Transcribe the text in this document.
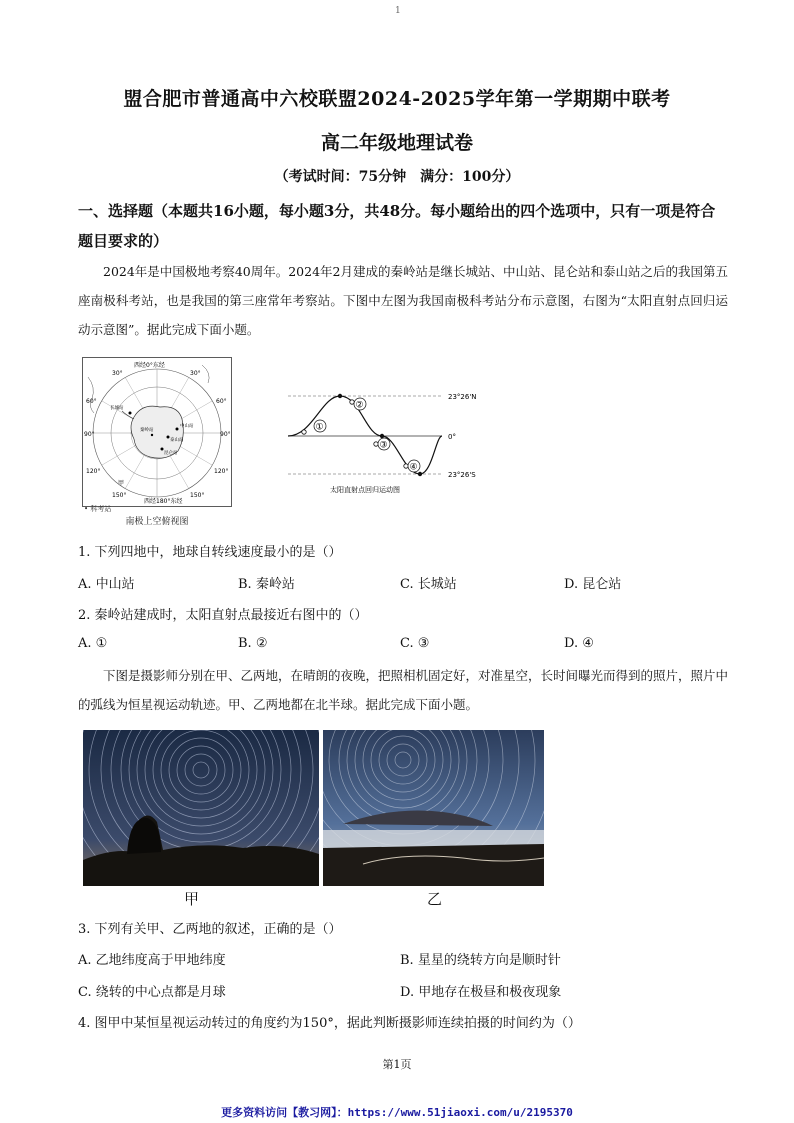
1
盟合肥市普通高中六校联盟2024-2025学年第一学期期中联考
高二年级地理试卷
（考试时间：75分钟　满分：100分）
一、选择题（本题共16小题，每小题3分，共48分。每小题给出的四个选项中，只有一项是符合题目要求的）
2024年是中国极地考察40周年。2024年2月建成的秦岭站是继长城站、中山站、昆仑站和泰山站之后的我国第五座南极科考站，也是我国的第三座常年考察站。下图中左图为我国南极科考站分布示意图，右图为“太阳直射点回归运动示意图”。据此完成下面小题。
西经0°东经
西经180°东经
30°	30°
60°	60°
90°	90°
120°	120°
150°	150°
甲
长城站
中山站
泰山站
昆仑站
秦岭站
• 科考站
南极上空俯视图
①
②
③
④
23°26'N
0°
23°26'S
太阳直射点回归运动图
1. 下列四地中，地球自转线速度最小的是（）
A. 中山站	B. 秦岭站	C. 长城站	D. 昆仑站
2. 秦岭站建成时，太阳直射点最接近右图中的（）
A. ①	B. ②	C. ③	D. ④
下图是摄影师分别在甲、乙两地，在晴朗的夜晚，把照相机固定好，对准星空，长时间曝光而得到的照片，照片中的弧线为恒星视运动轨迹。甲、乙两地都在北半球。据此完成下面小题。
甲	乙
3. 下列有关甲、乙两地的叙述，正确的是（）
A. 乙地纬度高于甲地纬度	B. 星星的绕转方向是顺时针
C. 绕转的中心点都是月球	D. 甲地存在极昼和极夜现象
4. 图甲中某恒星视运动转过的角度约为150°，据此判断摄影师连续拍摄的时间约为（）
第1页
更多资料访问【教习网】：https://www.51jiaoxi.com/u/2195370
